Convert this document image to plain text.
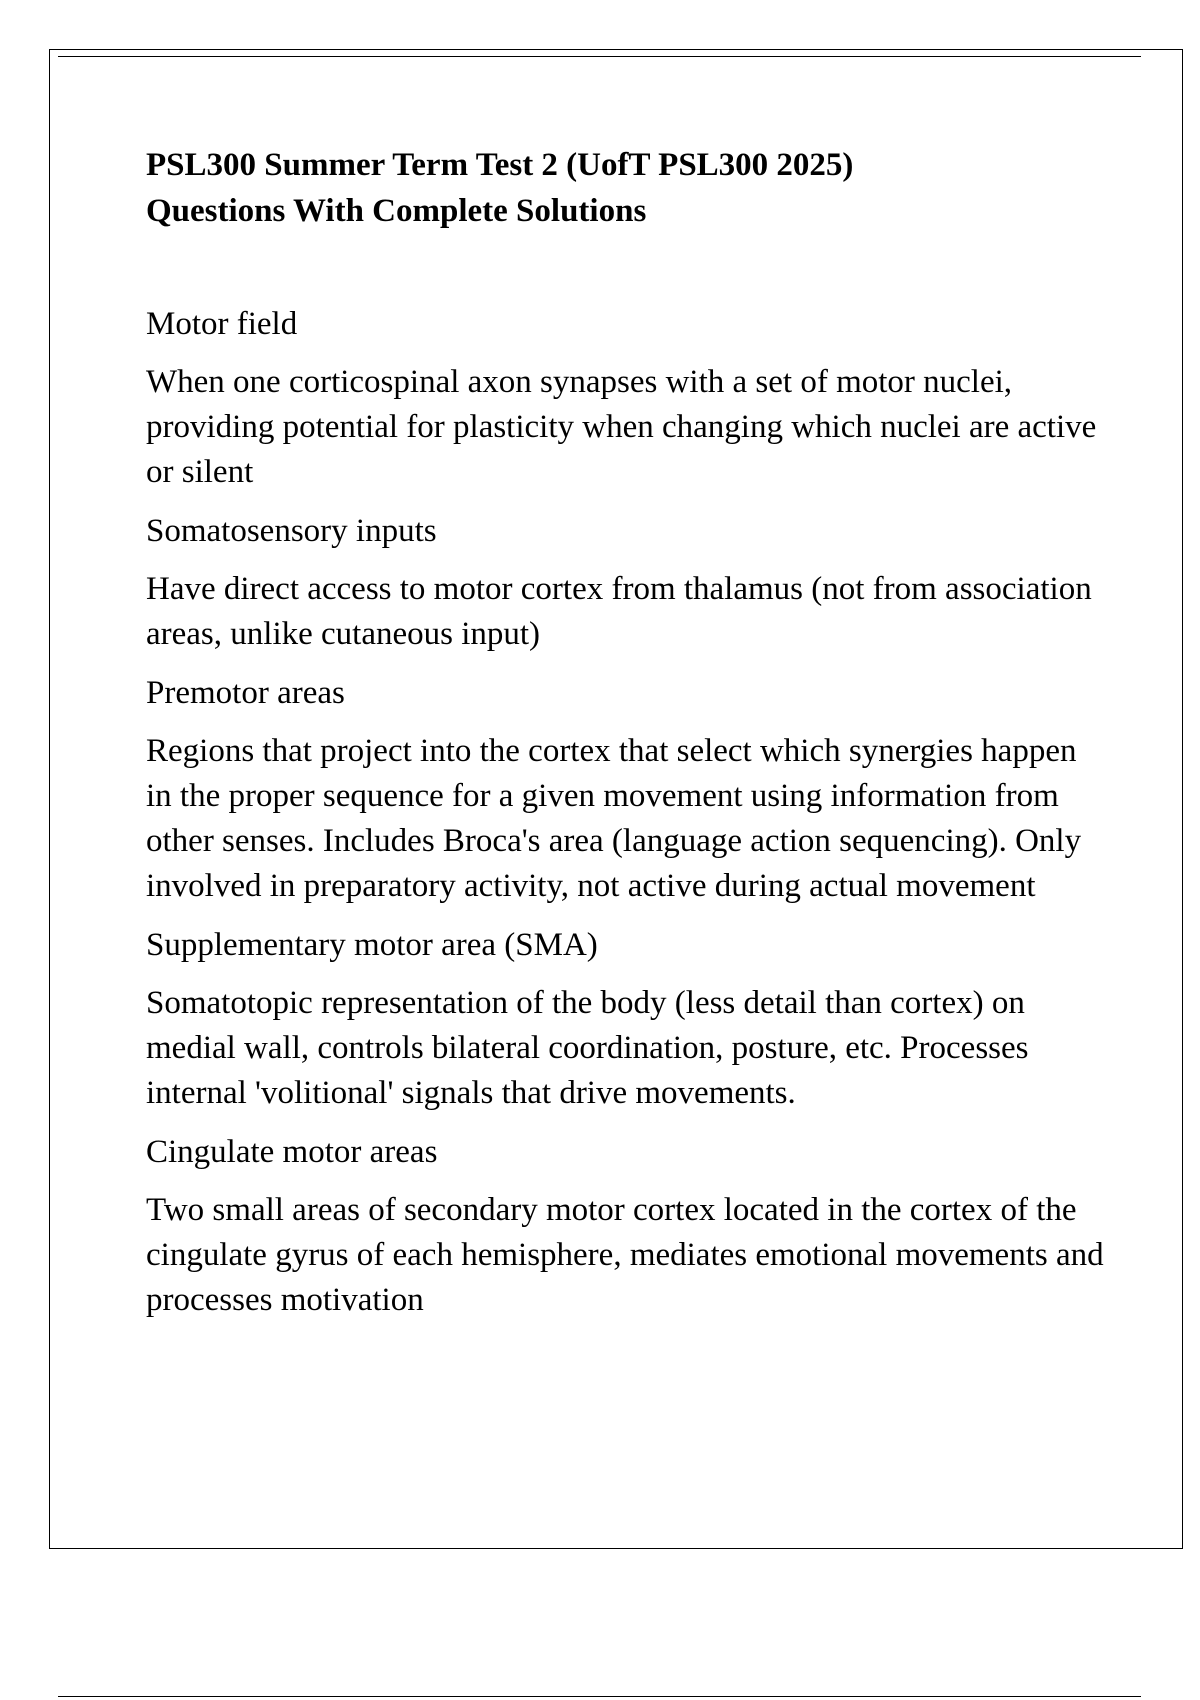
PSL300 Summer Term Test 2 (UofT PSL300 2025)
Questions With Complete Solutions

Motor field

When one corticospinal axon synapses with a set of motor nuclei, providing potential for plasticity when changing which nuclei are active or silent

Somatosensory inputs

Have direct access to motor cortex from thalamus (not from association areas, unlike cutaneous input)

Premotor areas

Regions that project into the cortex that select which synergies happen in the proper sequence for a given movement using information from other senses. Includes Broca's area (language action sequencing). Only involved in preparatory activity, not active during actual movement

Supplementary motor area (SMA)

Somatotopic representation of the body (less detail than cortex) on medial wall, controls bilateral coordination, posture, etc. Processes internal 'volitional' signals that drive movements.

Cingulate motor areas

Two small areas of secondary motor cortex located in the cortex of the cingulate gyrus of each hemisphere, mediates emotional movements and processes motivation
